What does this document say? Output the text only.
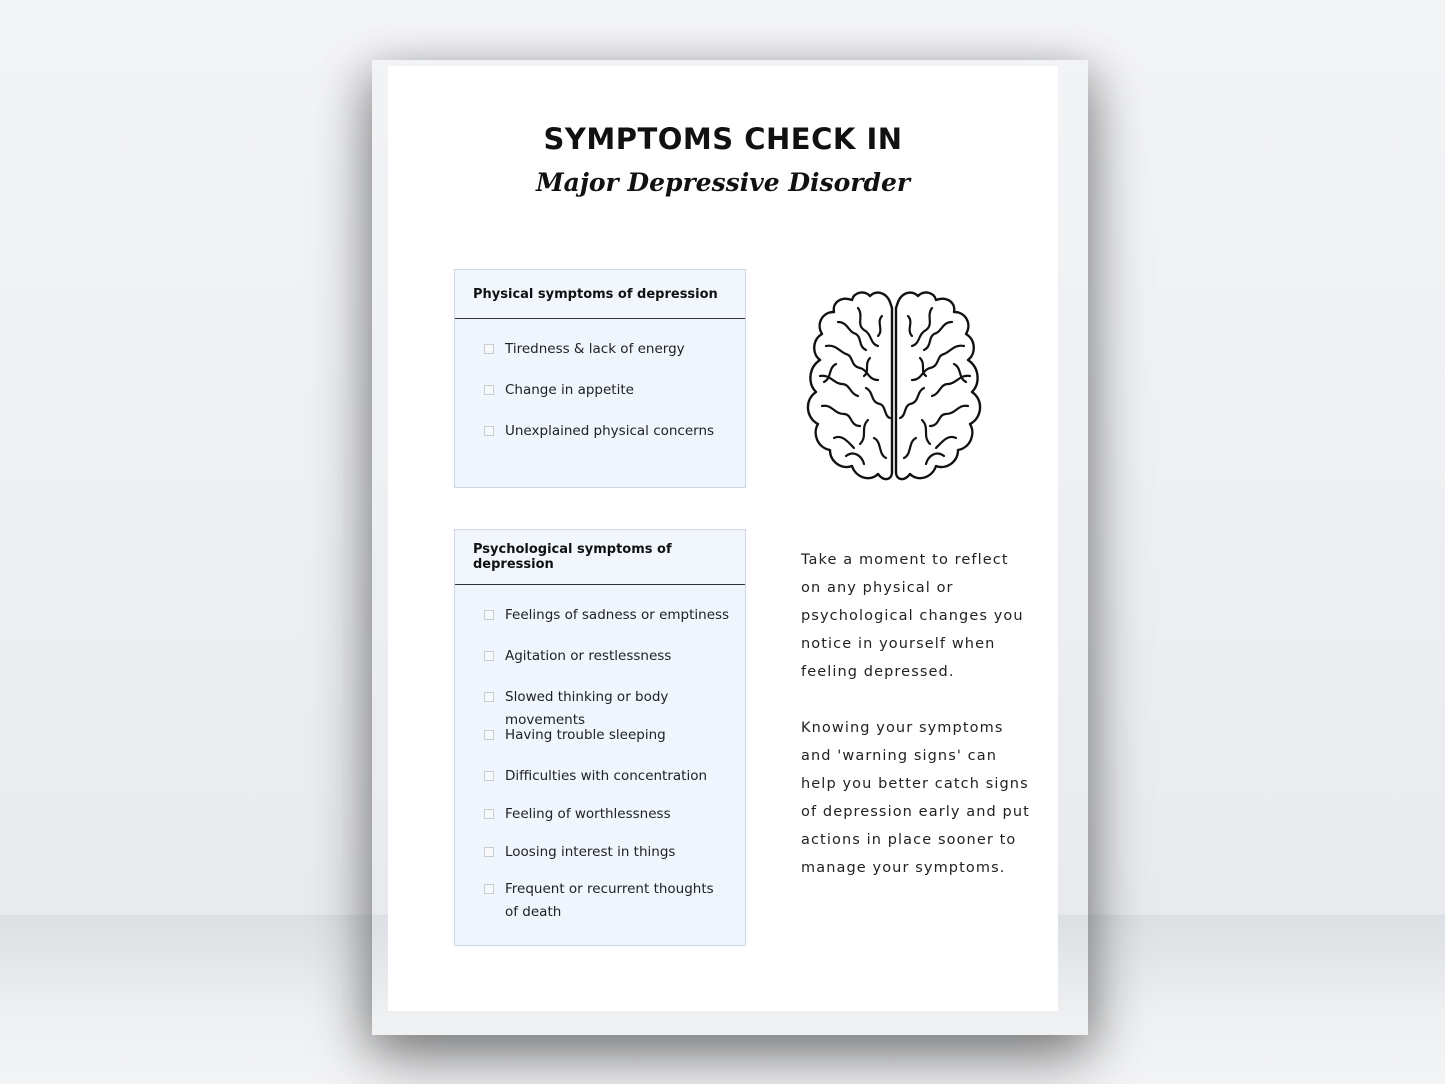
SYMPTOMS CHECK IN
Major Depressive Disorder
Physical symptoms of depression
Tiredness & lack of energy
Change in appetite
Unexplained physical concerns
Psychological symptoms of depression
Feelings of sadness or emptiness
Agitation or restlessness
Slowed thinking or body movements
Having trouble sleeping
Difficulties with concentration
Feeling of worthlessness
Loosing interest in things
Frequent or recurrent thoughts of death

Take a moment to reflect on any physical or psychological changes you notice in yourself when feeling depressed.

Knowing your symptoms and 'warning signs' can help you better catch signs of depression early and put actions in place sooner to manage your symptoms.
